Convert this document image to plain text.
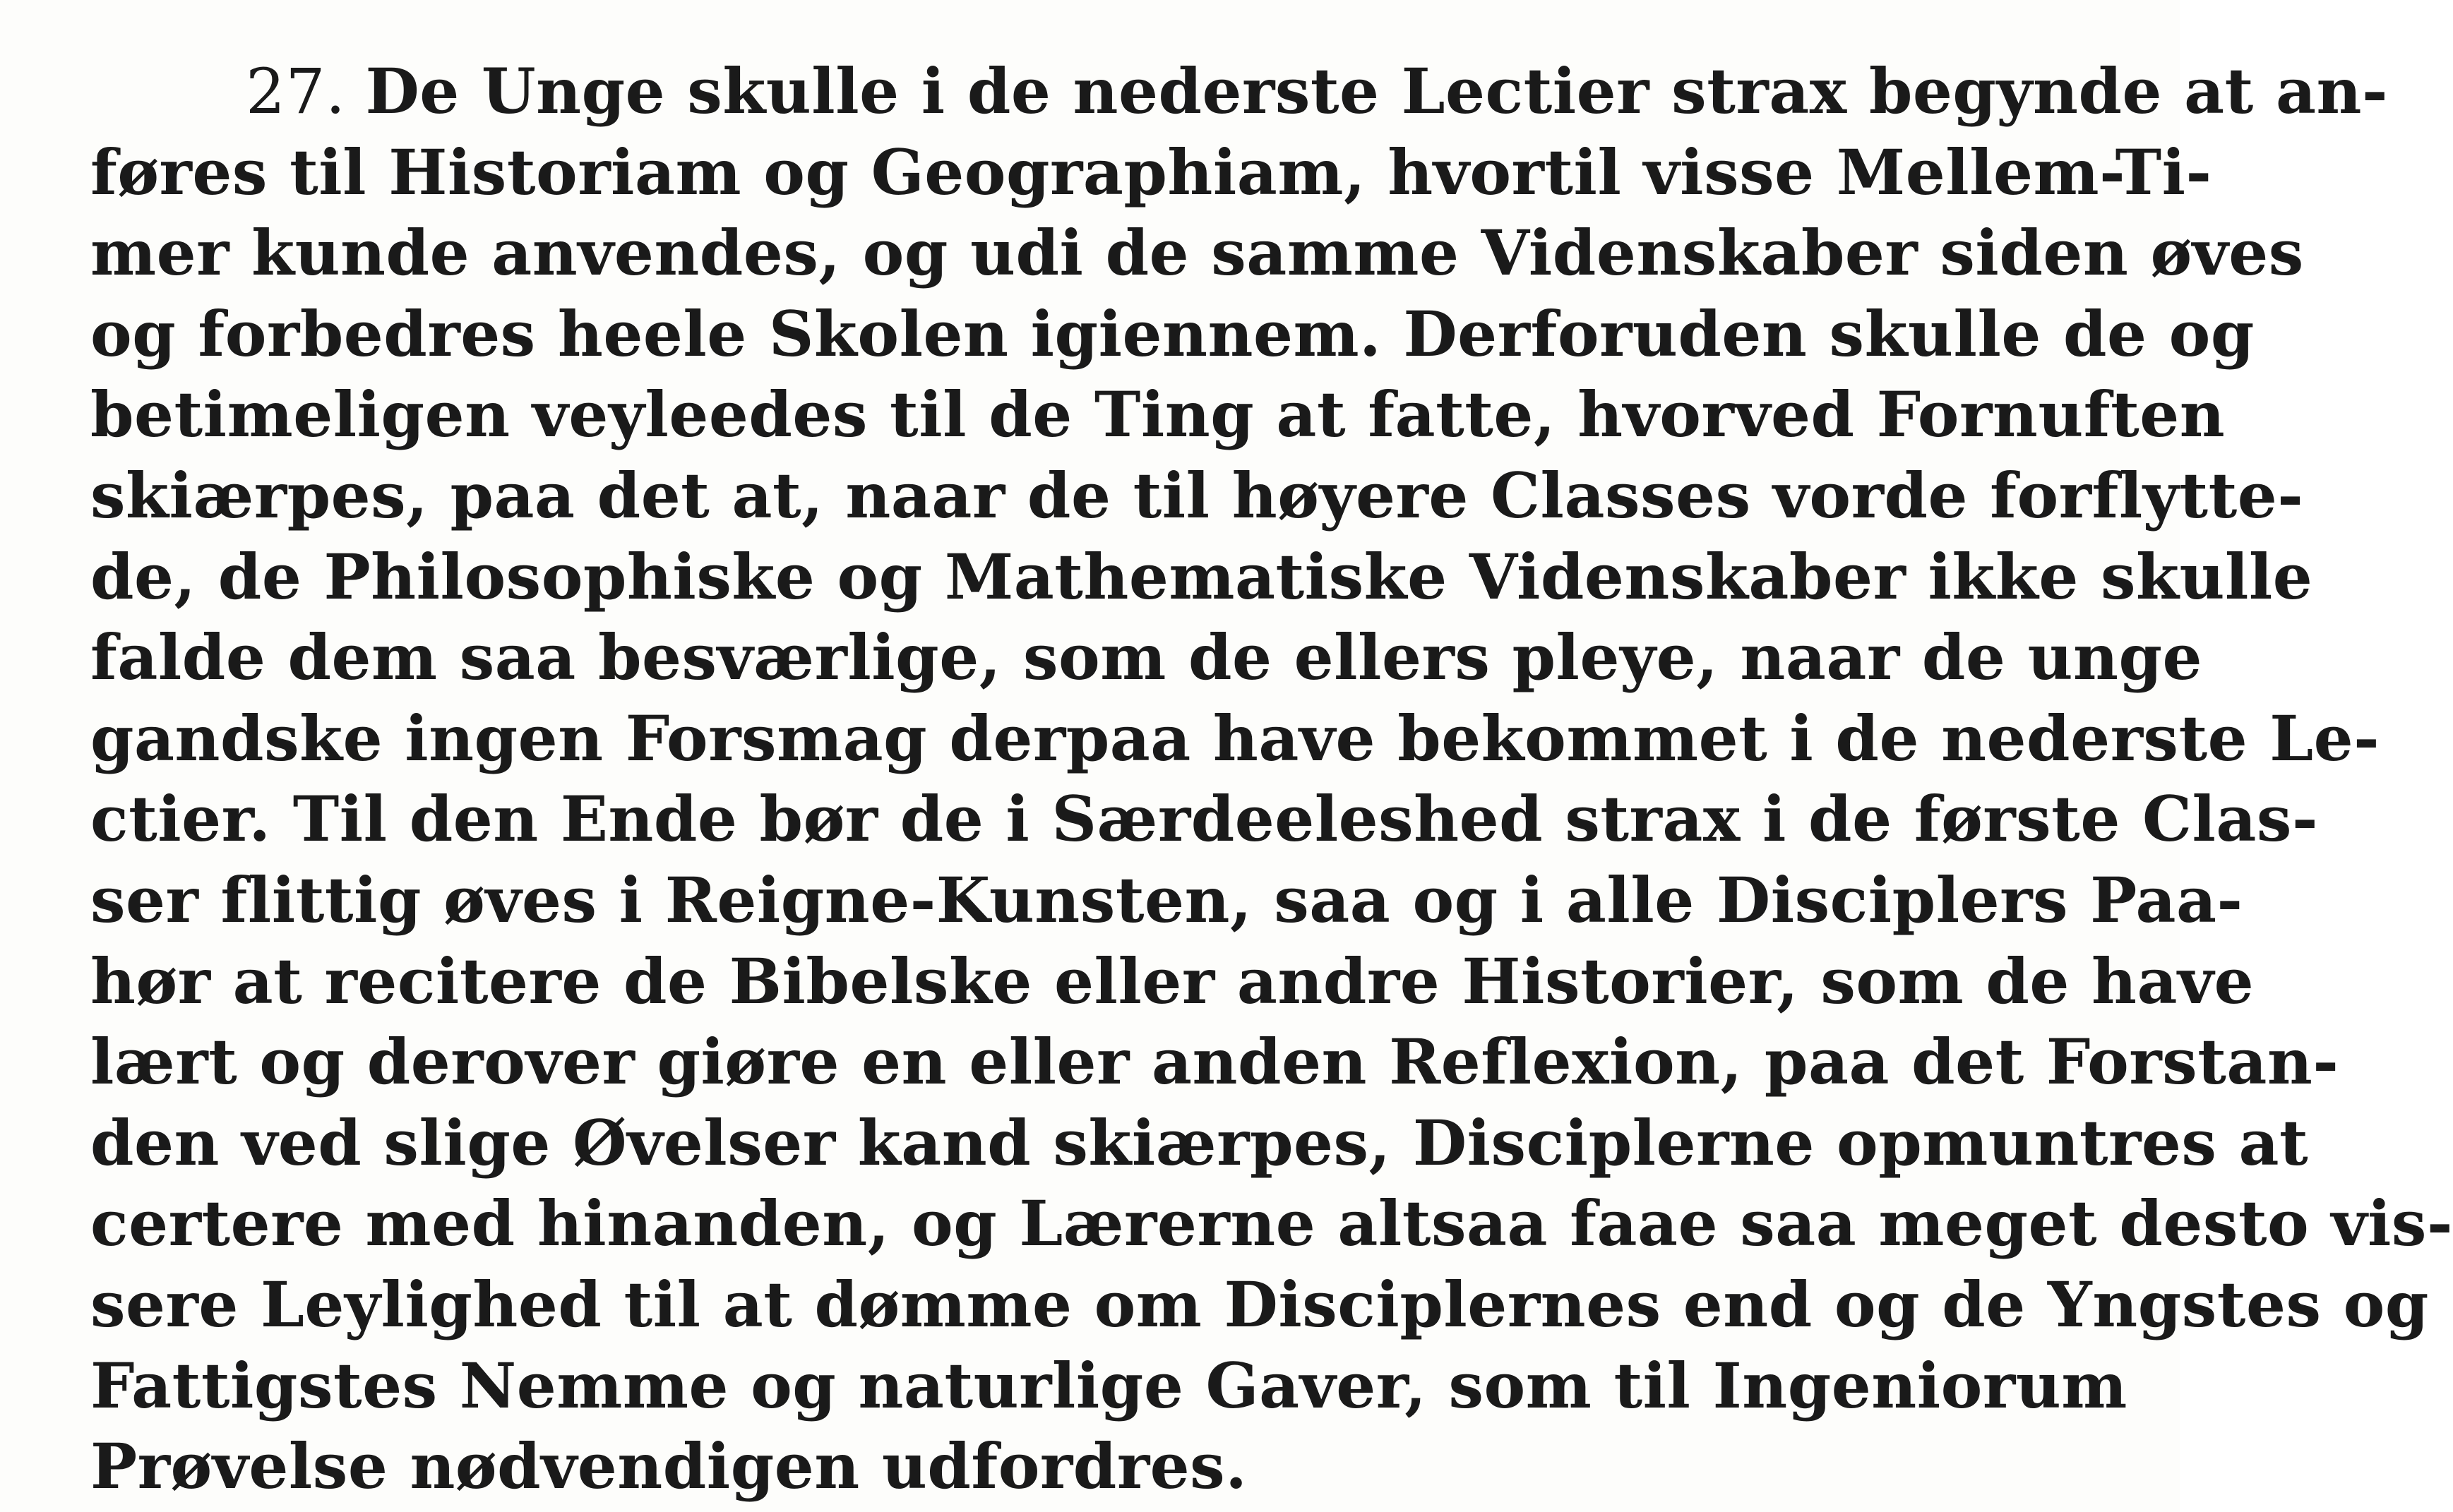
27. De Unge skulle i de nederste Lectier strax begynde at an-
føres til Historiam og Geographiam, hvortil visse Mellem-Ti-
mer kunde anvendes, og udi de samme Videnskaber siden øves
og forbedres heele Skolen igiennem. Derforuden skulle de og
betimeligen veyleedes til de Ting at fatte, hvorved Fornuften
skiærpes, paa det at, naar de til høyere Classes vorde forflytte-
de, de Philosophiske og Mathematiske Videnskaber ikke skulle
falde dem saa besværlige, som de ellers pleye, naar de unge
gandske ingen Forsmag derpaa have bekommet i de nederste Le-
ctier. Til den Ende bør de i Særdeeleshed strax i de første Clas-
ser flittig øves i Reigne-Kunsten, saa og i alle Disciplers Paa-
hør at recitere de Bibelske eller andre Historier, som de have
lært og derover giøre en eller anden Reflexion, paa det Forstan-
den ved slige Øvelser kand skiærpes, Disciplerne opmuntres at
certere med hinanden, og Lærerne altsaa faae saa meget desto vis-
sere Leylighed til at dømme om Disciplernes end og de Yngstes og
Fattigstes Nemme og naturlige Gaver, som til Ingeniorum
Prøvelse nødvendigen udfordres.
